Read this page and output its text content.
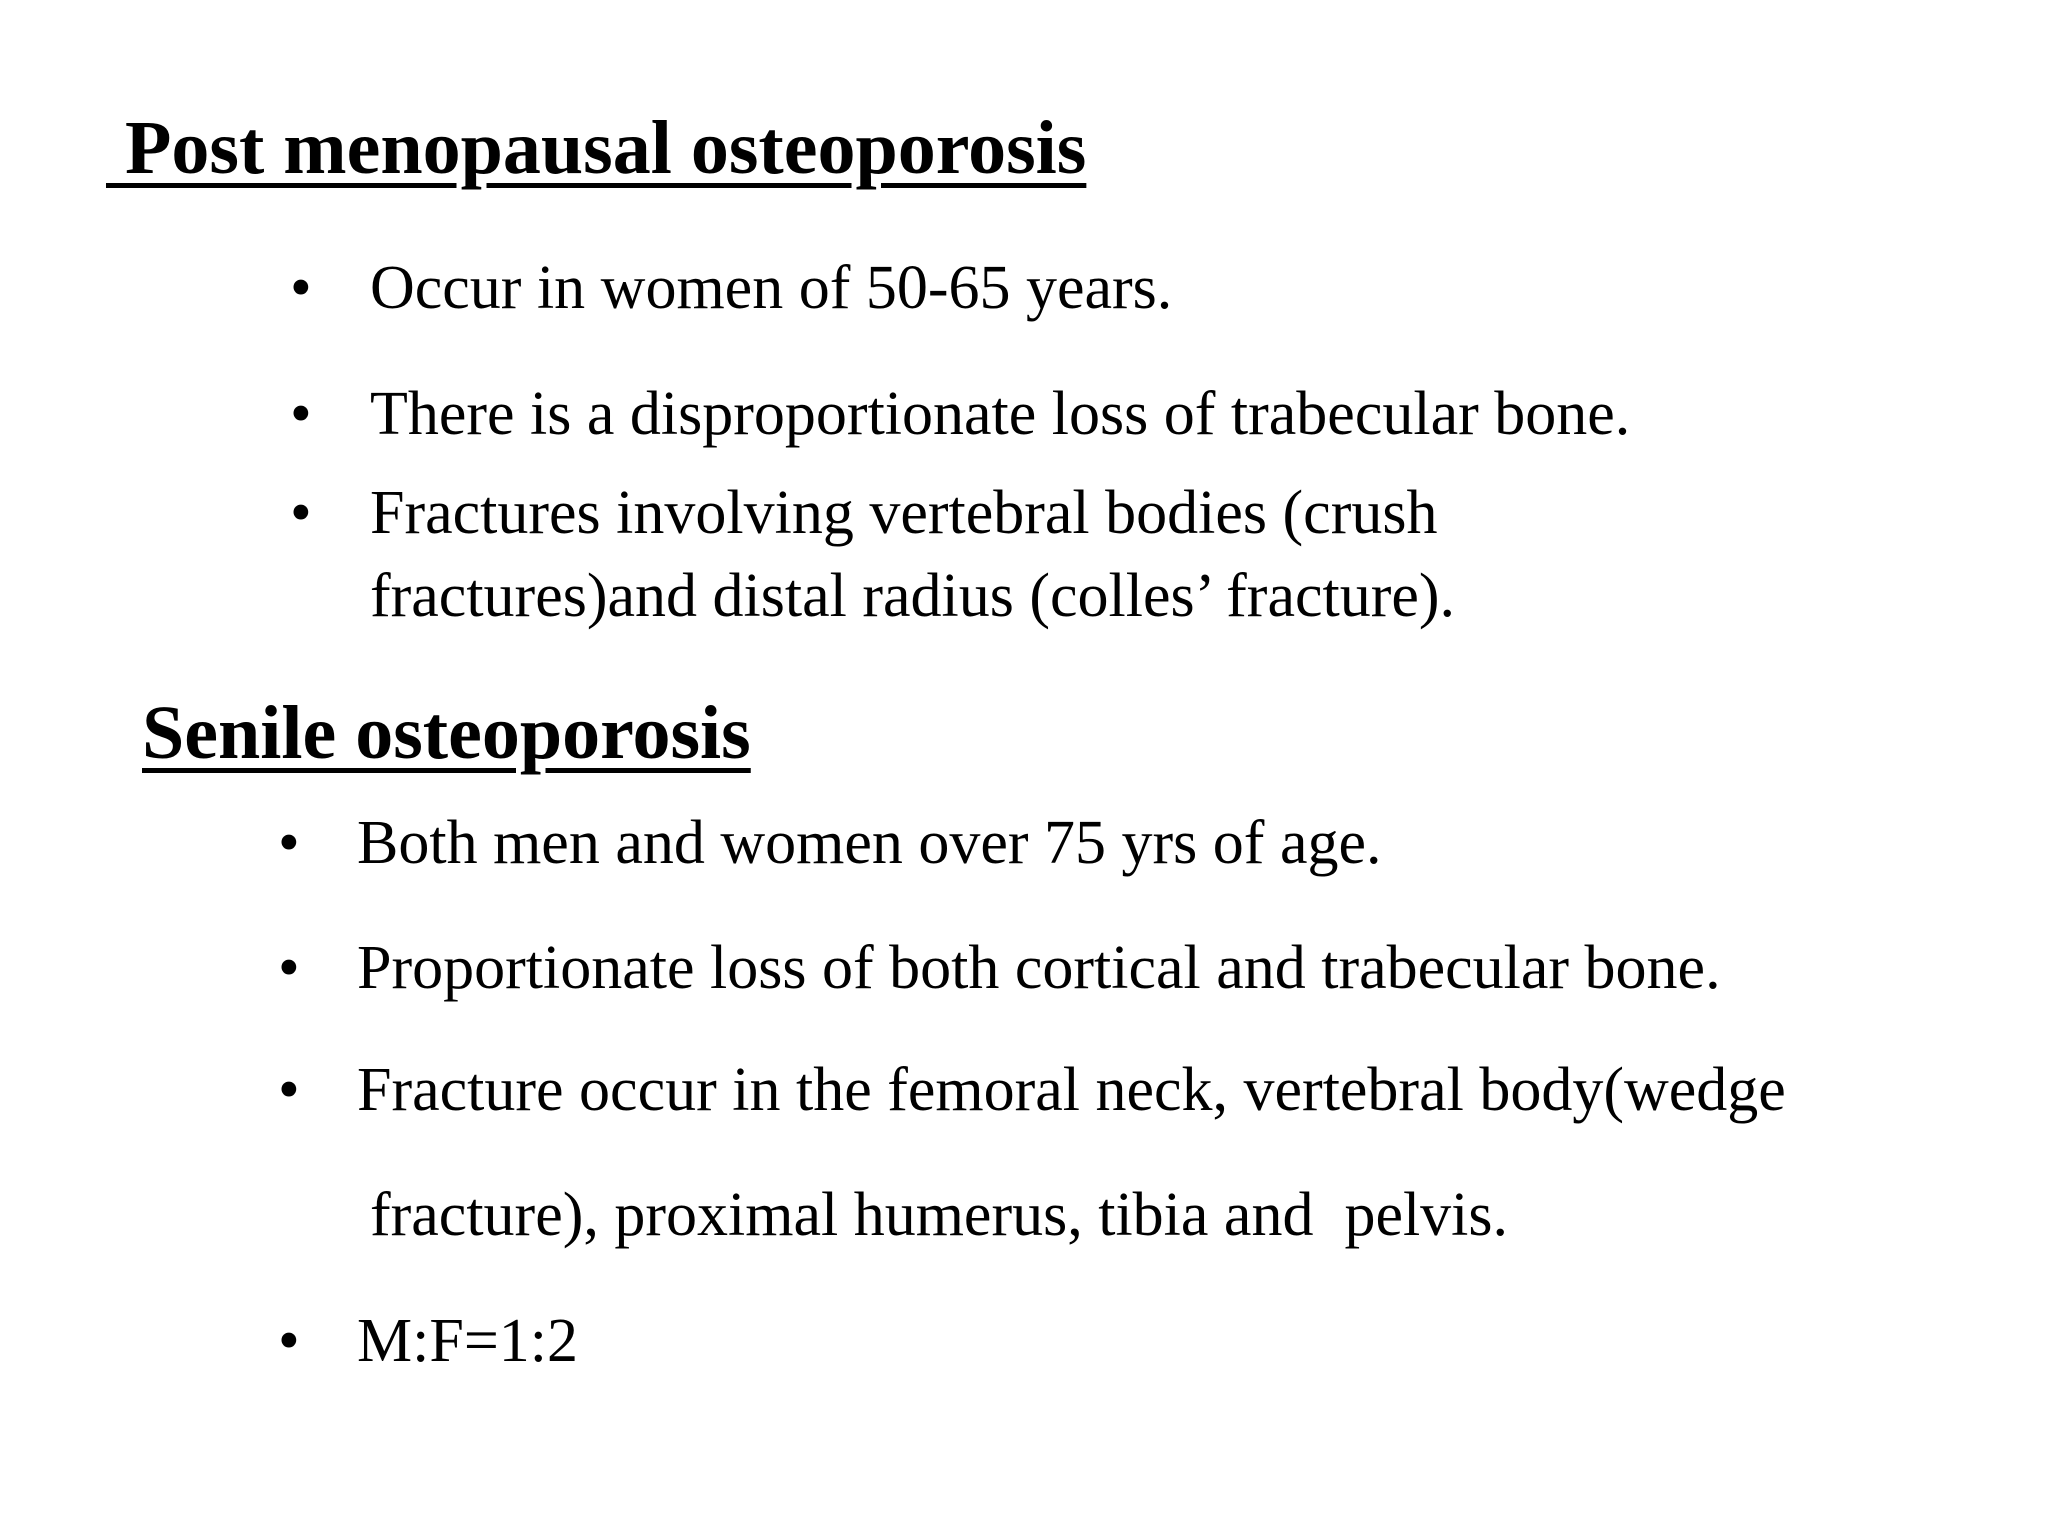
Post menopausal osteoporosis
• Occur in women of 50-65 years.
• There is a disproportionate loss of trabecular bone.
• Fractures involving vertebral bodies (crush
fractures)and distal radius (colles’ fracture).
Senile osteoporosis
• Both men and women over 75 yrs of age.
• Proportionate loss of both cortical and trabecular bone.
• Fracture occur in the femoral neck, vertebral body(wedge
fracture), proximal humerus, tibia and  pelvis.
• M:F=1:2
